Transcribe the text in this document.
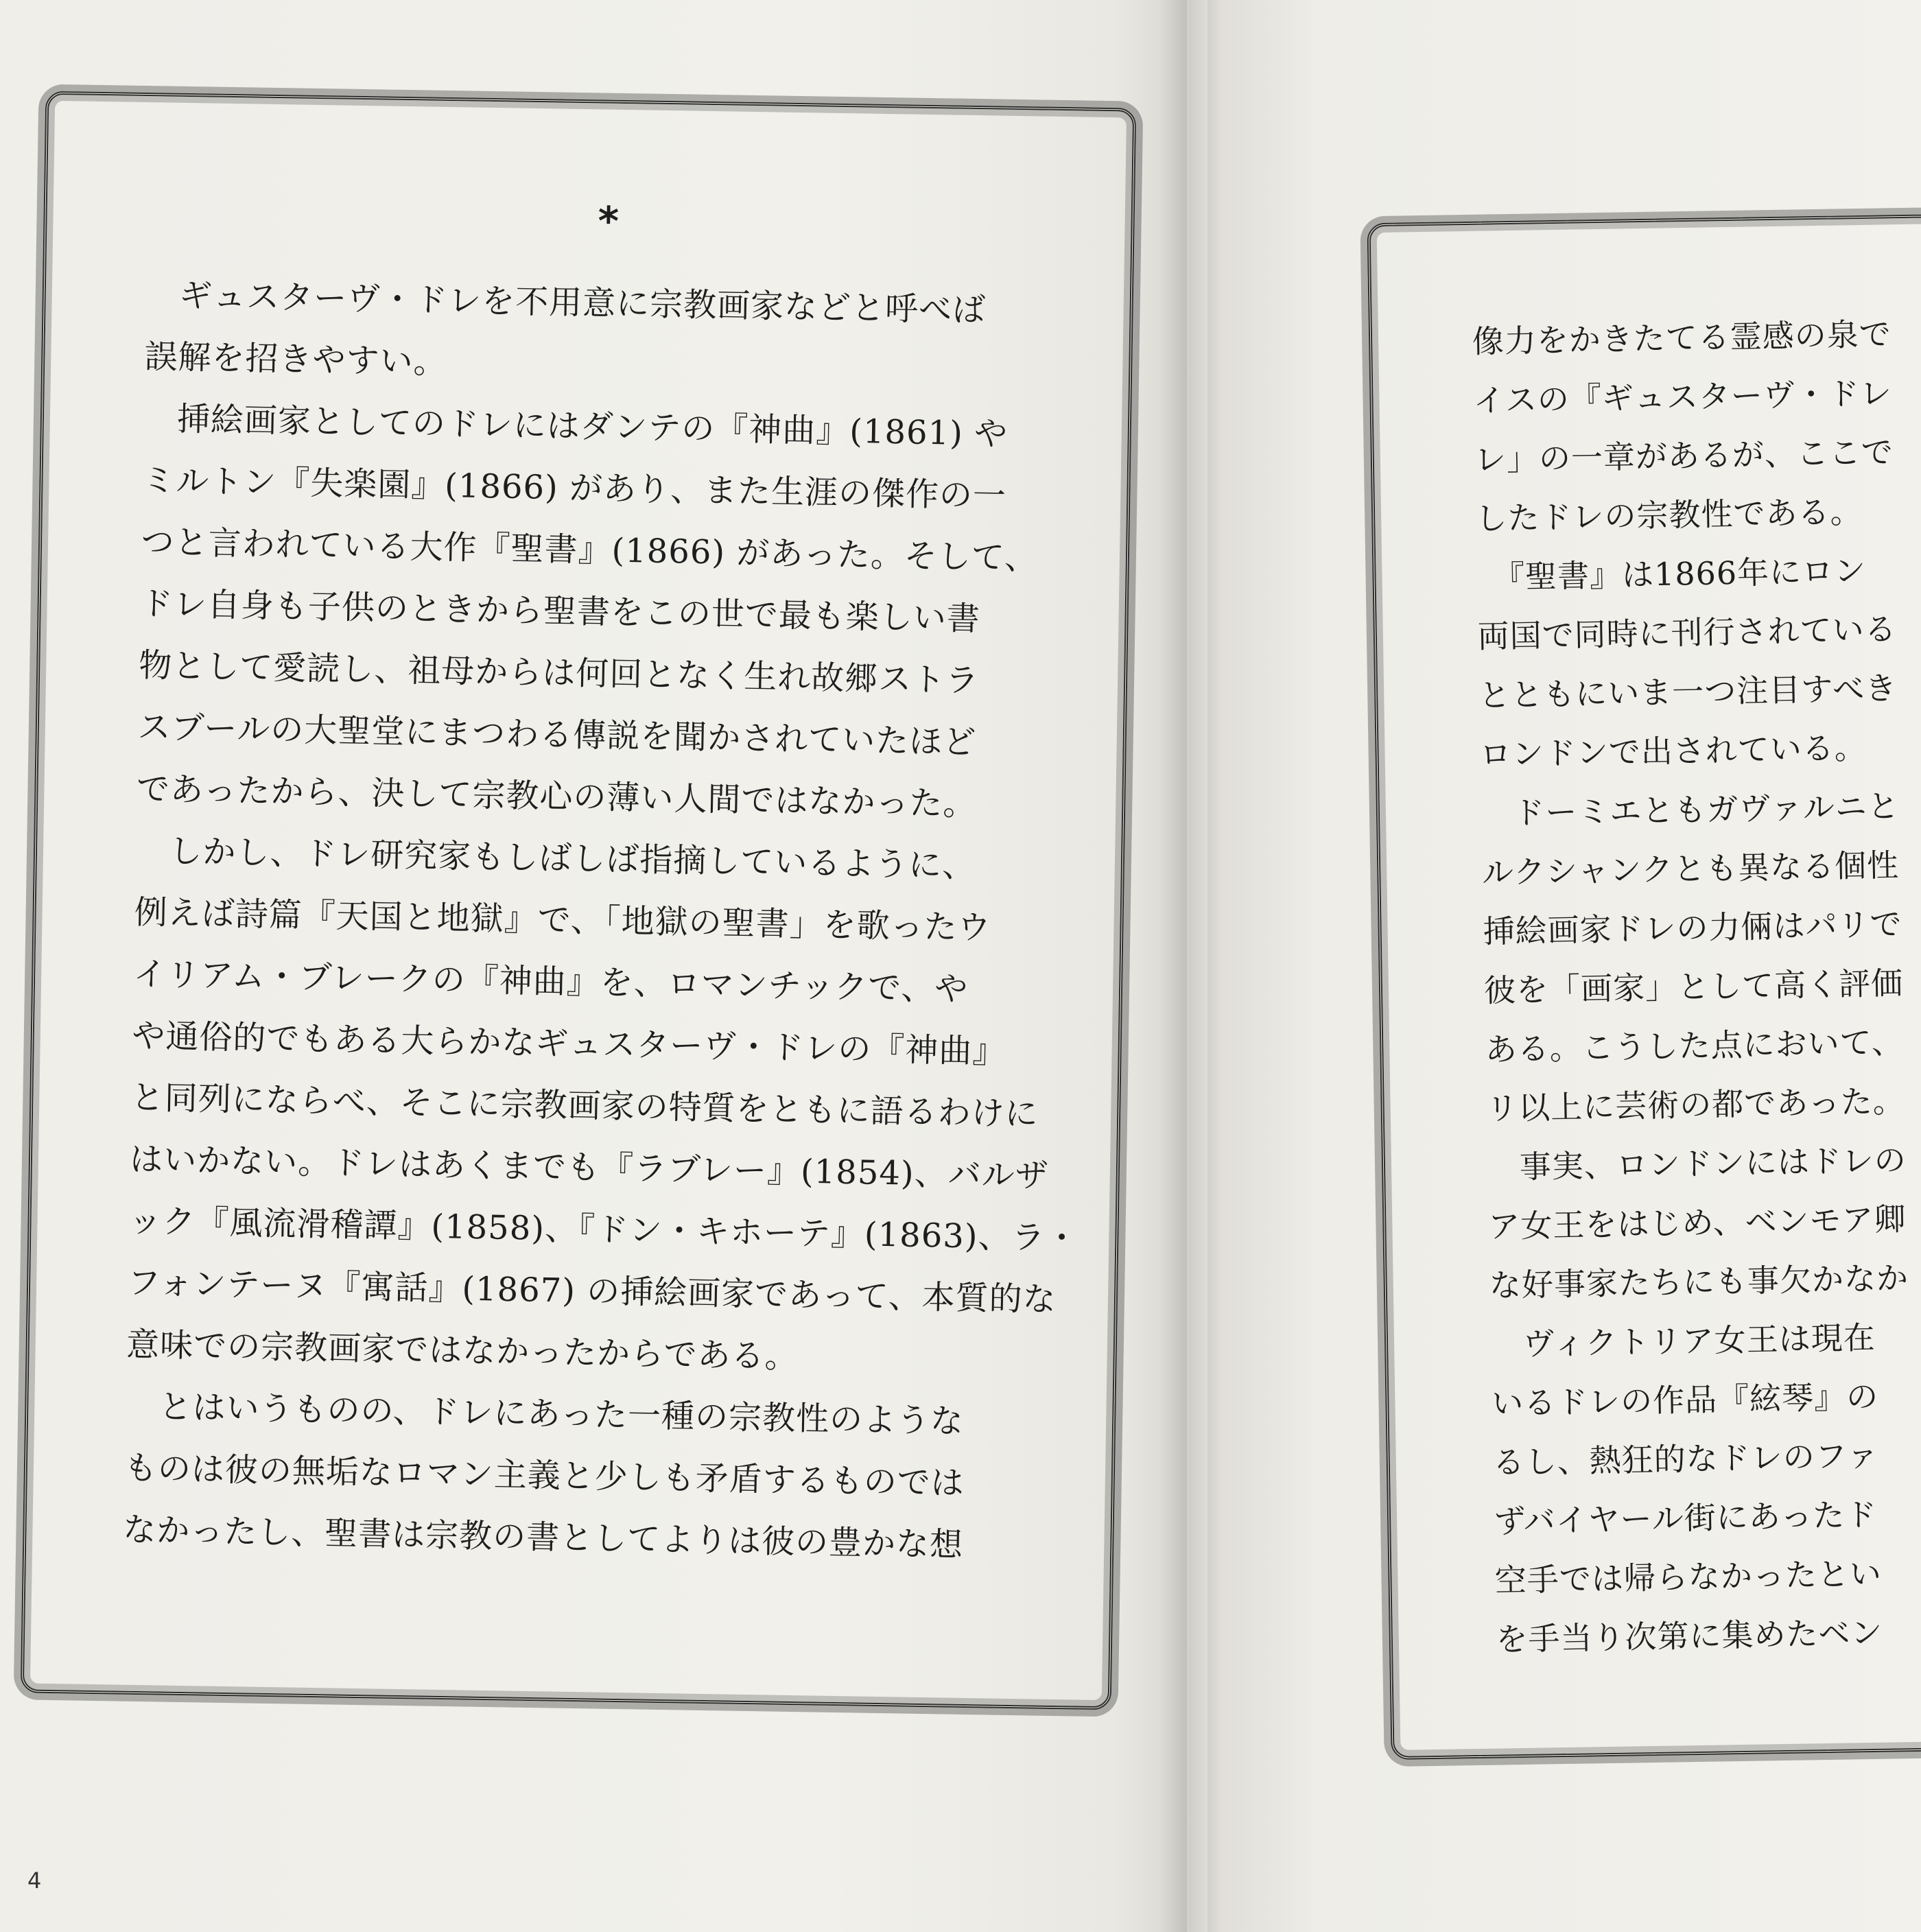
*
　ギュスターヴ・ドレを不用意に宗教画家などと呼べば
誤解を招きやすい。
　挿絵画家としてのドレにはダンテの『神曲』(1861) や
ミルトン『失楽園』(1866) があり、また生涯の傑作の一
つと言われている大作『聖書』(1866) があった。そして、
ドレ自身も子供のときから聖書をこの世で最も楽しい書
物として愛読し、祖母からは何回となく生れ故郷ストラ
スブールの大聖堂にまつわる傳説を聞かされていたほど
であったから、決して宗教心の薄い人間ではなかった。
　しかし、ドレ研究家もしばしば指摘しているように、
例えば詩篇『天国と地獄』で、「地獄の聖書」を歌ったウ
イリアム・ブレークの『神曲』を、ロマンチックで、や
や通俗的でもある大らかなギュスターヴ・ドレの『神曲』
と同列にならべ、そこに宗教画家の特質をともに語るわけに
はいかない。ドレはあくまでも『ラブレー』(1854)、バルザ
ック『風流滑稽譚』(1858)、『ドン・キホーテ』(1863)、ラ・
フォンテーヌ『寓話』(1867) の挿絵画家であって、本質的な
意味での宗教画家ではなかったからである。
　とはいうものの、ドレにあった一種の宗教性のような
ものは彼の無垢なロマン主義と少しも矛盾するものでは
なかったし、聖書は宗教の書としてよりは彼の豊かな想
像力をかきたてる霊感の泉で
イスの『ギュスターヴ・ドレ
レ」の一章があるが、ここで
したドレの宗教性である。
　『聖書』は1866年にロン
両国で同時に刊行されている
とともにいま一つ注目すべき
ロンドンで出されている。
　ドーミエともガヴァルニと
ルクシャンクとも異なる個性
挿絵画家ドレの力倆はパリで
彼を「画家」として高く評価
ある。こうした点において、
リ以上に芸術の都であった。
　事実、ロンドンにはドレの
ア女王をはじめ、ベンモア卿
な好事家たちにも事欠かなか
　ヴィクトリア女王は現在
いるドレの作品『絃琴』の
るし、熱狂的なドレのファ
ずバイヤール街にあったド
空手では帰らなかったとい
を手当り次第に集めたベン
4
